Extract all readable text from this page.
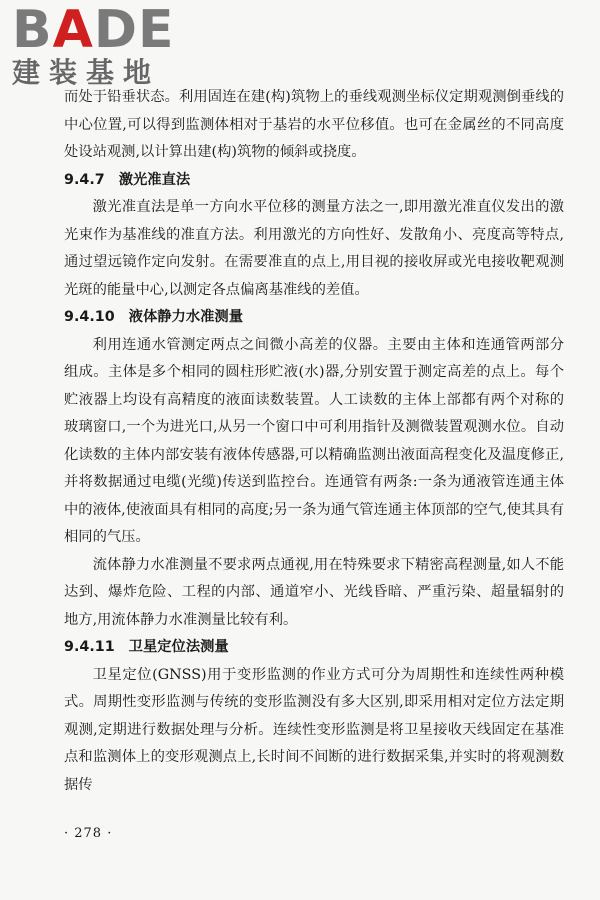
BADE
建装基地

而处于铅垂状态。利用固连在建(构)筑物上的垂线观测坐标仪定期观测倒垂线的中心位置,可以得到监测体相对于基岩的水平位移值。也可在金属丝的不同高度处设站观测,以计算出建(构)筑物的倾斜或挠度。

9.4.7 激光准直法

激光准直法是单一方向水平位移的测量方法之一,即用激光准直仪发出的激光束作为基准线的准直方法。利用激光的方向性好、发散角小、亮度高等特点,通过望远镜作定向发射。在需要准直的点上,用目视的接收屏或光电接收靶观测光斑的能量中心,以测定各点偏离基准线的差值。

9.4.10 液体静力水准测量

利用连通水管测定两点之间微小高差的仪器。主要由主体和连通管两部分组成。主体是多个相同的圆柱形贮液(水)器,分别安置于测定高差的点上。每个贮液器上均设有高精度的液面读数装置。人工读数的主体上部都有两个对称的玻璃窗口,一个为进光口,从另一个窗口中可利用指针及测微装置观测水位。自动化读数的主体内部安装有液体传感器,可以精确监测出液面高程变化及温度修正,并将数据通过电缆(光缆)传送到监控台。连通管有两条:一条为通液管连通主体中的液体,使液面具有相同的高度;另一条为通气管连通主体顶部的空气,使其具有相同的气压。

流体静力水准测量不要求两点通视,用在特殊要求下精密高程测量,如人不能达到、爆炸危险、工程的内部、通道窄小、光线昏暗、严重污染、超量辐射的地方,用流体静力水准测量比较有利。

9.4.11 卫星定位法测量

卫星定位(GNSS)用于变形监测的作业方式可分为周期性和连续性两种模式。周期性变形监测与传统的变形监测没有多大区别,即采用相对定位方法定期观测,定期进行数据处理与分析。连续性变形监测是将卫星接收天线固定在基准点和监测体上的变形观测点上,长时间不间断的进行数据采集,并实时的将观测数据传

· 278 ·
